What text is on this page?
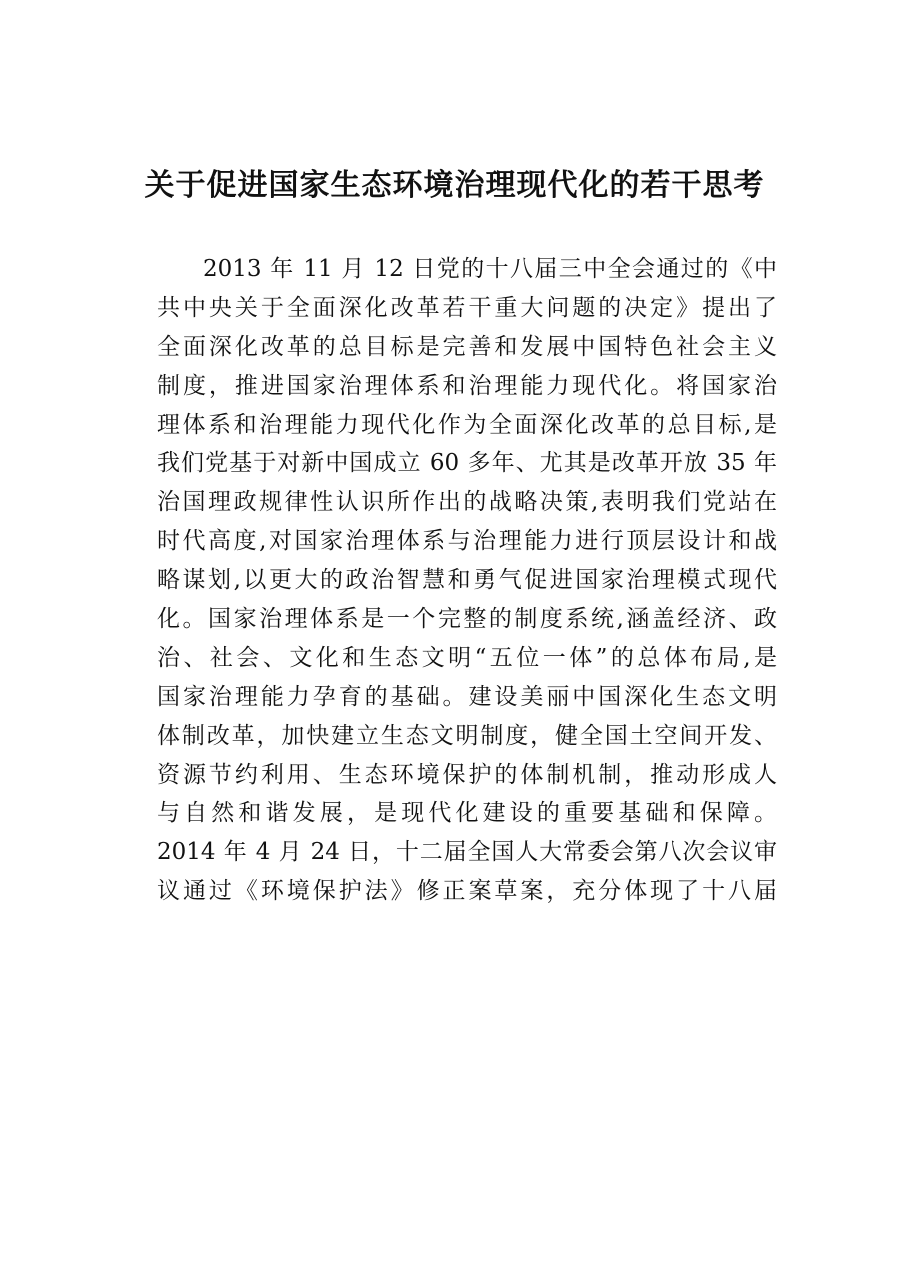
关于促进国家生态环境治理现代化的若干思考
2013 年 11 月 12 日党的十八届三中全会通过的《中
共中央关于全面深化改革若干重大问题的决定》提出了
全面深化改革的总目标是完善和发展中国特色社会主义
制度，推进国家治理体系和治理能力现代化。将国家治
理体系和治理能力现代化作为全面深化改革的总目标,是
我们党基于对新中国成立 60 多年、尤其是改革开放 35 年
治国理政规律性认识所作出的战略决策,表明我们党站在
时代高度,对国家治理体系与治理能力进行顶层设计和战
略谋划,以更大的政治智慧和勇气促进国家治理模式现代
化。国家治理体系是一个完整的制度系统,涵盖经济、政
治、社会、文化和生态文明“五位一体”的总体布局,是
国家治理能力孕育的基础。建设美丽中国深化生态文明
体制改革，加快建立生态文明制度，健全国土空间开发、
资源节约利用、生态环境保护的体制机制，推动形成人
与自然和谐发展，是现代化建设的重要基础和保障。
2014 年 4 月 24 日，十二届全国人大常委会第八次会议审
议通过《环境保护法》修正案草案，充分体现了十八届
